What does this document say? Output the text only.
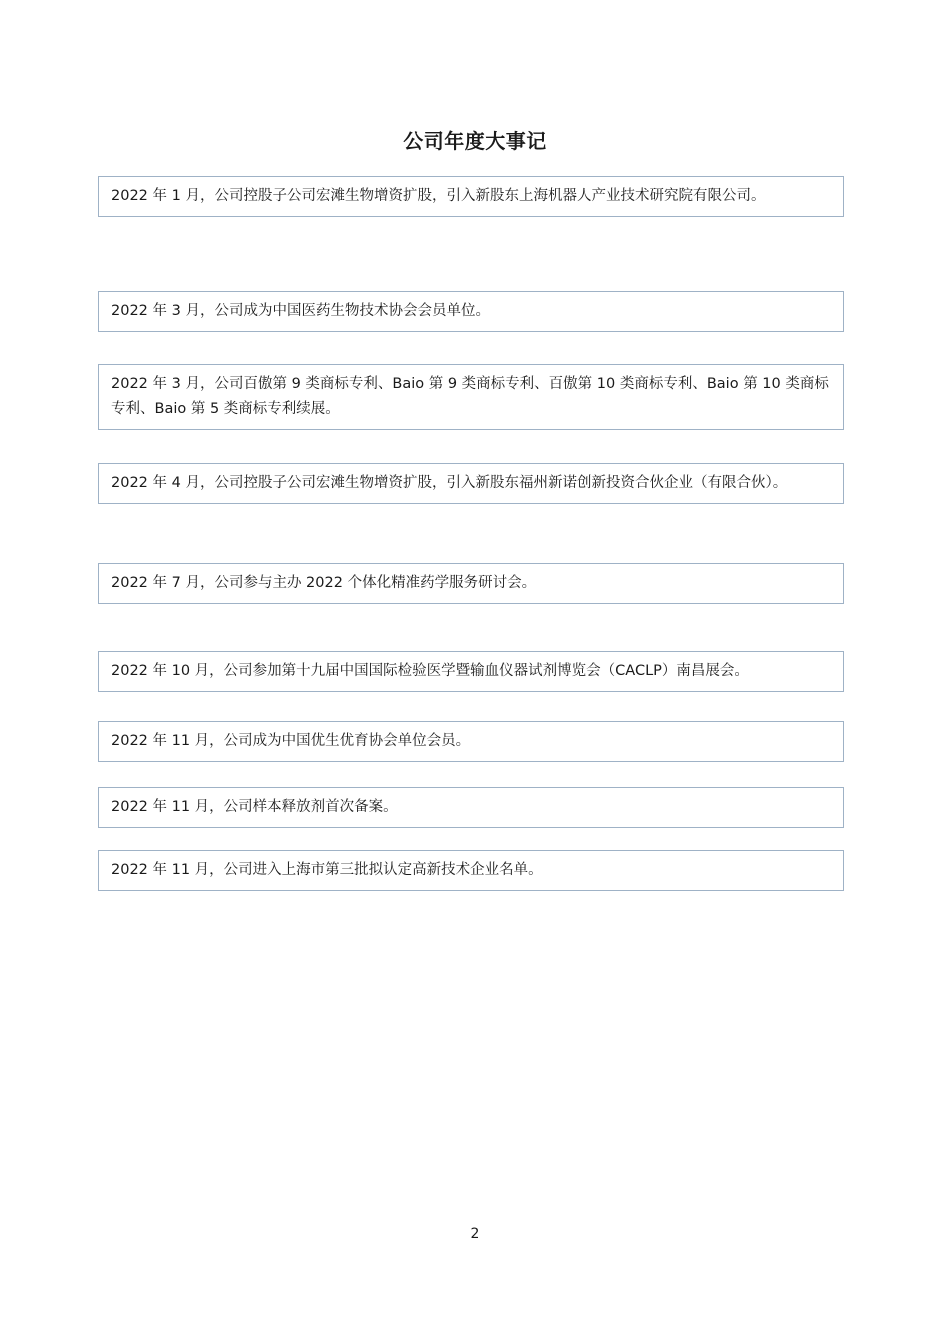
公司年度大事记
2022 年 1 月，公司控股子公司宏滩生物增资扩股，引入新股东上海机器人产业技术研究院有限公司。
2022 年 3 月，公司成为中国医药生物技术协会会员单位。
2022 年 3 月，公司百傲第 9 类商标专利、Baio 第 9 类商标专利、百傲第 10 类商标专利、Baio 第 10 类商标专利、Baio 第 5 类商标专利续展。
2022 年 4 月，公司控股子公司宏滩生物增资扩股，引入新股东福州新诺创新投资合伙企业（有限合伙）。
2022 年 7 月，公司参与主办 2022 个体化精准药学服务研讨会。
2022 年 10 月，公司参加第十九届中国国际检验医学暨输血仪器试剂博览会（CACLP）南昌展会。
2022 年 11 月，公司成为中国优生优育协会单位会员。
2022 年 11 月，公司样本释放剂首次备案。
2022 年 11 月，公司进入上海市第三批拟认定高新技术企业名单。
2
